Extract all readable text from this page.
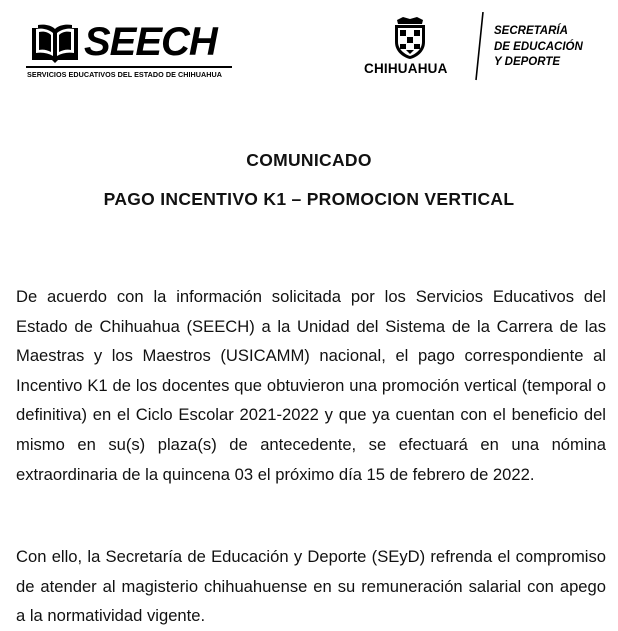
SEECH
SERVICIOS EDUCATIVOS DEL ESTADO DE CHIHUAHUA	CHIHUAHUA
SECRETARÍA
DE EDUCACIÓN
Y DEPORTE
COMUNICADO
PAGO INCENTIVO K1 – PROMOCION VERTICAL

De acuerdo con la información solicitada por los Servicios Educativos del Estado de Chihuahua (SEECH) a la Unidad del Sistema de la Carrera de las Maestras y los Maestros (USICAMM) nacional, el pago correspondiente al Incentivo K1 de los docentes que obtuvieron una promoción vertical (temporal o definitiva) en el Ciclo Escolar 2021-2022 y que ya cuentan con el beneficio del mismo en su(s) plaza(s) de antecedente, se efectuará en una nómina extraordinaria de la quincena 03 el próximo día 15 de febrero de 2022.

Con ello, la Secretaría de Educación y Deporte (SEyD) refrenda el compromiso de atender al magisterio chihuahuense en su remuneración salarial con apego a la normatividad vigente.
